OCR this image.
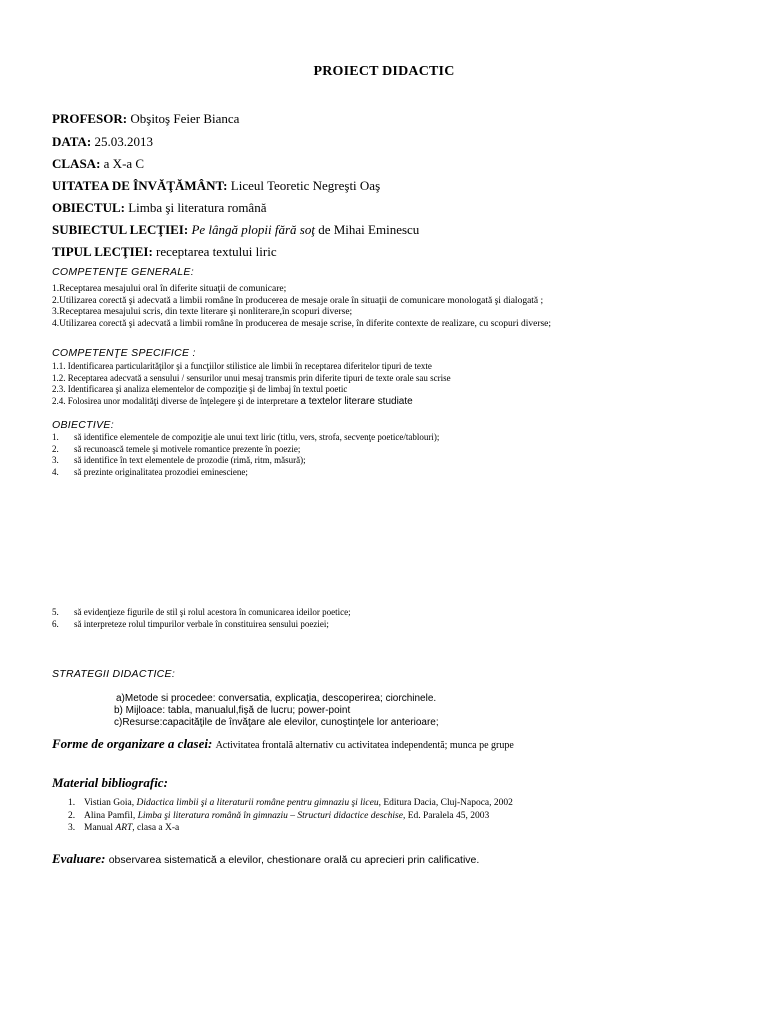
PROIECT DIDACTIC
PROFESOR: Obşitoş Feier Bianca
DATA: 25.03.2013
CLASA: a X-a C
UITATEA DE ÎNVĂŢĂMÂNT: Liceul Teoretic Negreşti Oaş
OBIECTUL: Limba şi literatura română
SUBIECTUL LECŢIEI: Pe lângă plopii fără soţ de Mihai Eminescu
TIPUL LECŢIEI: receptarea textului liric
COMPETENŢE GENERALE:
1.Receptarea mesajului oral în diferite situaţii de comunicare;
2.Utilizarea corectă şi adecvată a limbii române în producerea de mesaje orale în situaţii de comunicare monologată şi dialogată ;
3.Receptarea mesajului scris, din texte literare şi nonliterare,în scopuri diverse;
4.Utilizarea corectă şi adecvată a limbii române în producerea de mesaje scrise, în diferite contexte de realizare, cu scopuri diverse;
COMPETENŢE SPECIFICE :
1.1. Identificarea particularităţilor şi a funcţiilor stilistice ale limbii în receptarea diferitelor tipuri de texte
1.2. Receptarea adecvată a sensului / sensurilor unui mesaj transmis prin diferite tipuri de texte orale sau scrise
2.3. Identificarea şi analiza elementelor de compoziţie şi de limbaj în textul poetic
2.4. Folosirea unor modalităţi diverse de înţelegere şi de interpretare a textelor literare studiate
OBIECTIVE:
1. să identifice elementele de compoziţie ale unui text liric (titlu, vers, strofa, secvenţe poetice/tablouri);
2. să recunoască temele şi motivele romantice prezente în poezie;
3. să identifice în text elementele de prozodie (rimă, ritm, măsură);
4. să prezinte originalitatea prozodiei eminesciene;
5. să evidenţieze figurile de stil şi rolul acestora în comunicarea ideilor poetice;
6. să interpreteze rolul timpurilor verbale în constituirea sensului poeziei;
STRATEGII DIDACTICE:
a)Metode si procedee: conversatia, explicaţia, descoperirea; ciorchinele.
b) Mijloace: tabla, manualul,fişă de lucru; power-point
c)Resurse:capacităţile de învăţare ale elevilor, cunoştinţele lor anterioare;
Forme de organizare a clasei: Activitatea frontală alternativ cu activitatea independentă; munca pe grupe
Material bibliografic:
1. Vistian Goia, Didactica limbii şi a literaturii române pentru gimnaziu şi liceu, Editura Dacia, Cluj-Napoca, 2002
2. Alina Pamfil, Limba şi literatura română în gimnaziu – Structuri didactice deschise, Ed. Paralela 45, 2003
3. Manual ART, clasa a X-a
Evaluare: observarea sistematică a elevilor, chestionare orală cu aprecieri prin calificative.
